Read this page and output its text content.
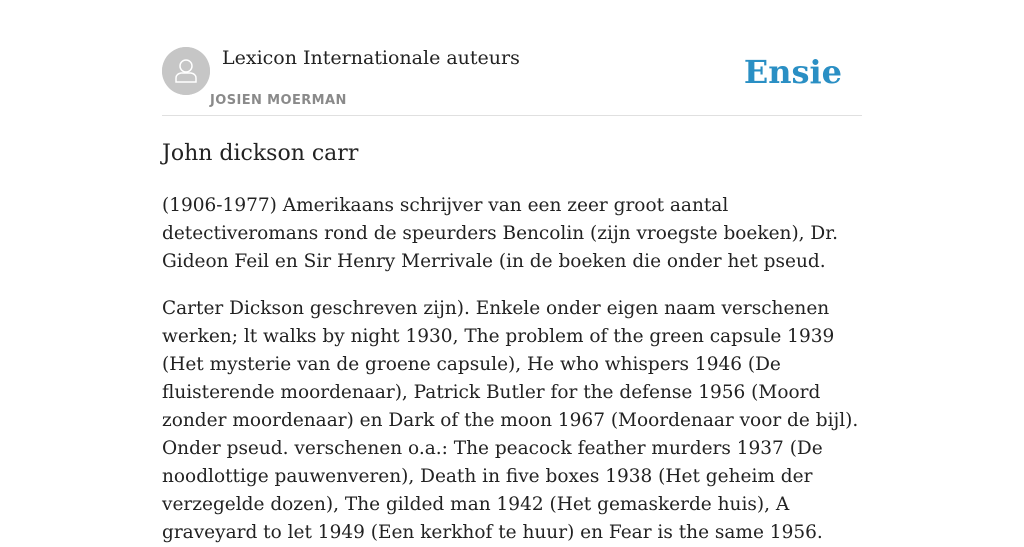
Lexicon Internationale auteurs
JOSIEN MOERMAN
Ensie
John dickson carr

(1906-1977) Amerikaans schrijver van een zeer groot aantal detectiveromans rond de speurders Bencolin (zijn vroegste boeken), Dr. Gideon Feil en Sir Henry Merrivale (in de boeken die onder het pseud.

Carter Dickson geschreven zijn). Enkele onder eigen naam verschenen werken; lt walks by night 1930, The problem of the green capsule 1939 (Het mysterie van de groene capsule), He who whispers 1946 (De fluisterende moordenaar), Patrick Butler for the defense 1956 (Moord zonder moordenaar) en Dark of the moon 1967 (Moordenaar voor de bijl). Onder pseud. verschenen o.a.: The peacock feather murders 1937 (De noodlottige pauwenveren), Death in five boxes 1938 (Het geheim der verzegelde dozen), The gilded man 1942 (Het gemaskerde huis), A graveyard to let 1949 (Een kerkhof te huur) en Fear is the same 1956.
